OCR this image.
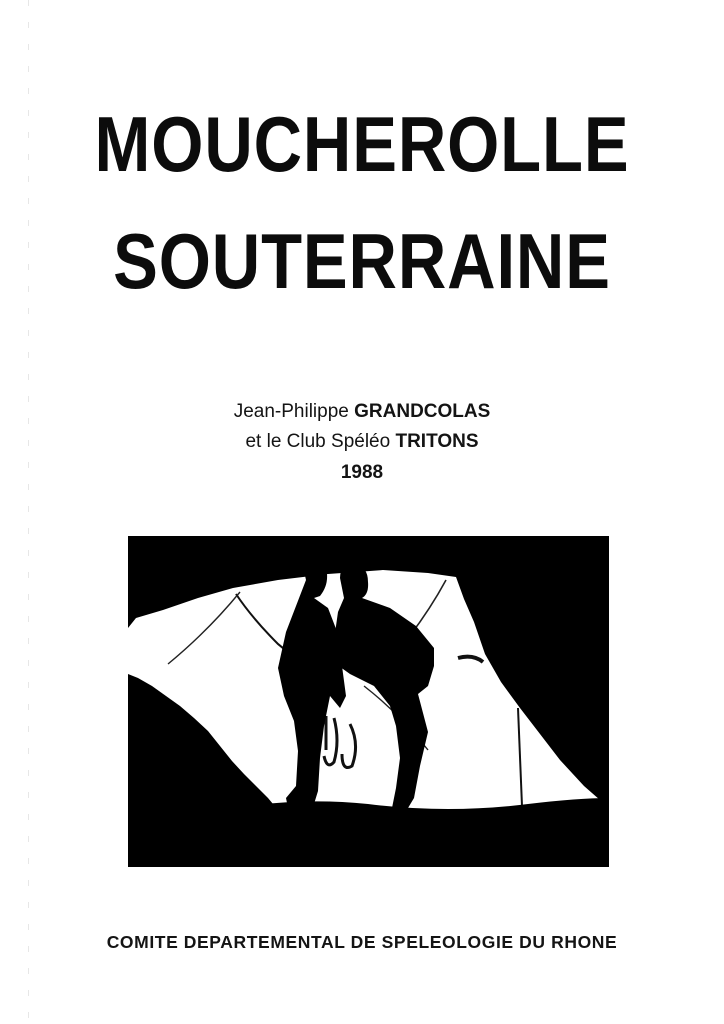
MOUCHEROLLE
SOUTERRAINE
Jean-Philippe GRANDCOLAS
et le Club Spéléo TRITONS
1988
COMITE DEPARTEMENTAL DE SPELEOLOGIE DU RHONE
